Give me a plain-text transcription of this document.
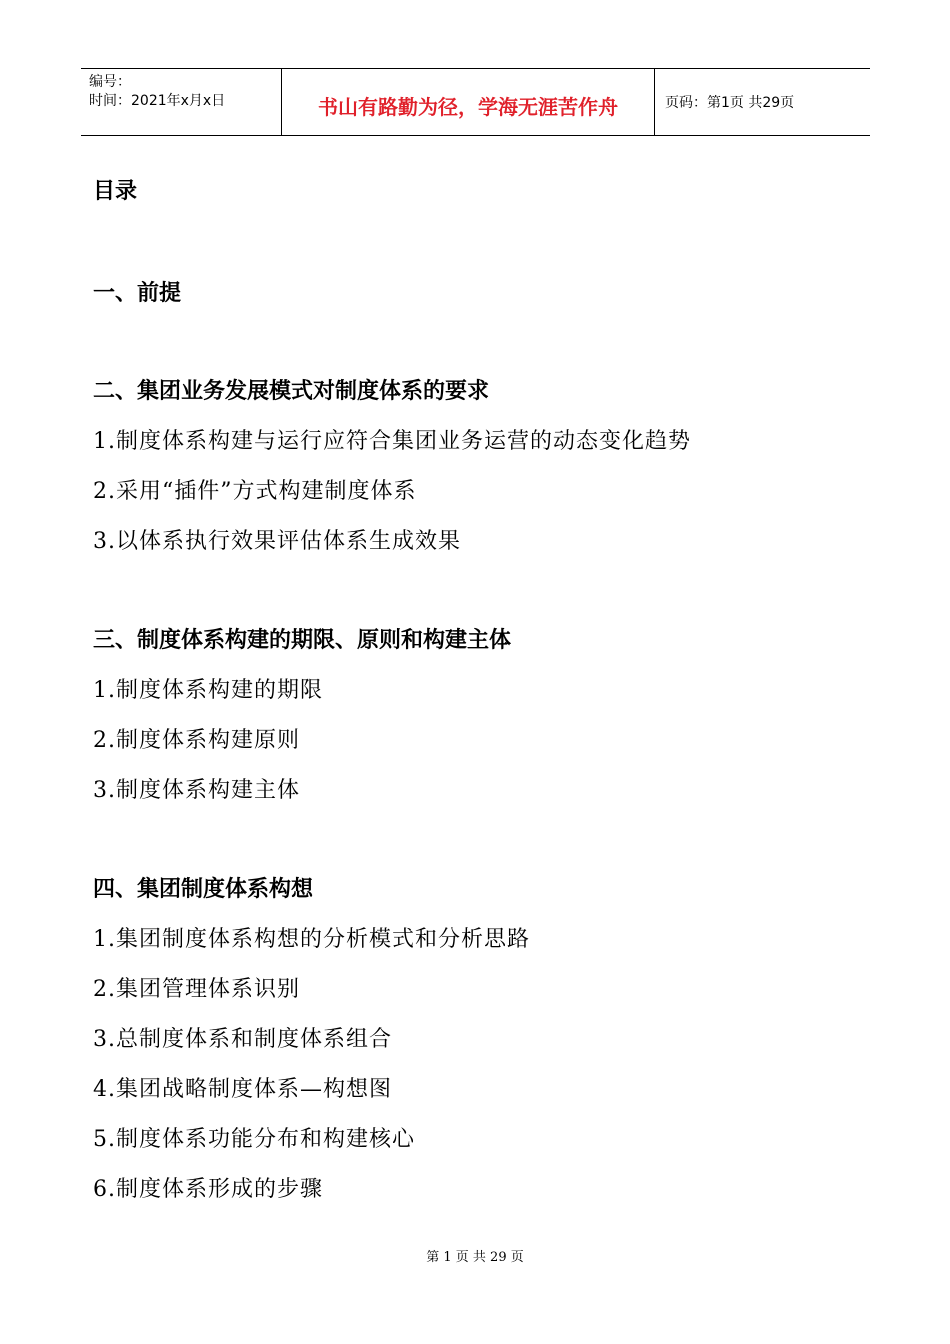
编号：
时间：2021年x月x日	书山有路勤为径，学海无涯苦作舟	页码：第1页 共29页
目录
一、前提
二、集团业务发展模式对制度体系的要求
1.制度体系构建与运行应符合集团业务运营的动态变化趋势
2.采用“插件”方式构建制度体系
3.以体系执行效果评估体系生成效果
三、制度体系构建的期限、原则和构建主体
1.制度体系构建的期限
2.制度体系构建原则
3.制度体系构建主体
四、集团制度体系构想
1.集团制度体系构想的分析模式和分析思路
2.集团管理体系识别
3.总制度体系和制度体系组合
4.集团战略制度体系—构想图
5.制度体系功能分布和构建核心
6.制度体系形成的步骤
第 1 页 共 29 页
